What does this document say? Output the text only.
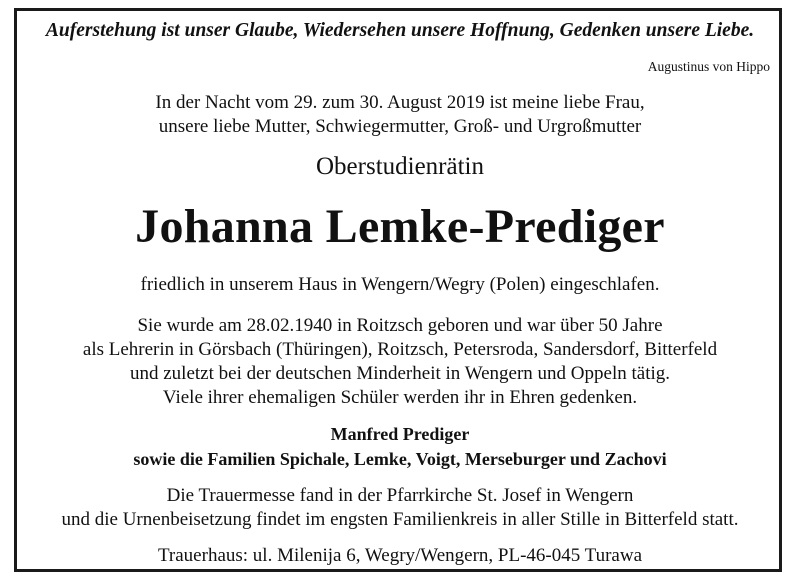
Auferstehung ist unser Glaube, Wiedersehen unsere Hoffnung, Gedenken unsere Liebe.
Augustinus von Hippo
In der Nacht vom 29. zum 30. August 2019 ist meine liebe Frau,
unsere liebe Mutter, Schwiegermutter, Groß- und Urgroßmutter
Oberstudienrätin
Johanna Lemke-Prediger
friedlich in unserem Haus in Wengern/Wegry (Polen) eingeschlafen.
Sie wurde am 28.02.1940 in Roitzsch geboren und war über 50 Jahre
als Lehrerin in Görsbach (Thüringen), Roitzsch, Petersroda, Sandersdorf, Bitterfeld
und zuletzt bei der deutschen Minderheit in Wengern und Oppeln tätig.
Viele ihrer ehemaligen Schüler werden ihr in Ehren gedenken.
Manfred Prediger
sowie die Familien Spichale, Lemke, Voigt, Merseburger und Zachovi
Die Trauermesse fand in der Pfarrkirche St. Josef in Wengern
und die Urnenbeisetzung findet im engsten Familienkreis in aller Stille in Bitterfeld statt.
Trauerhaus: ul. Milenija 6, Wegry/Wengern, PL-46-045 Turawa
